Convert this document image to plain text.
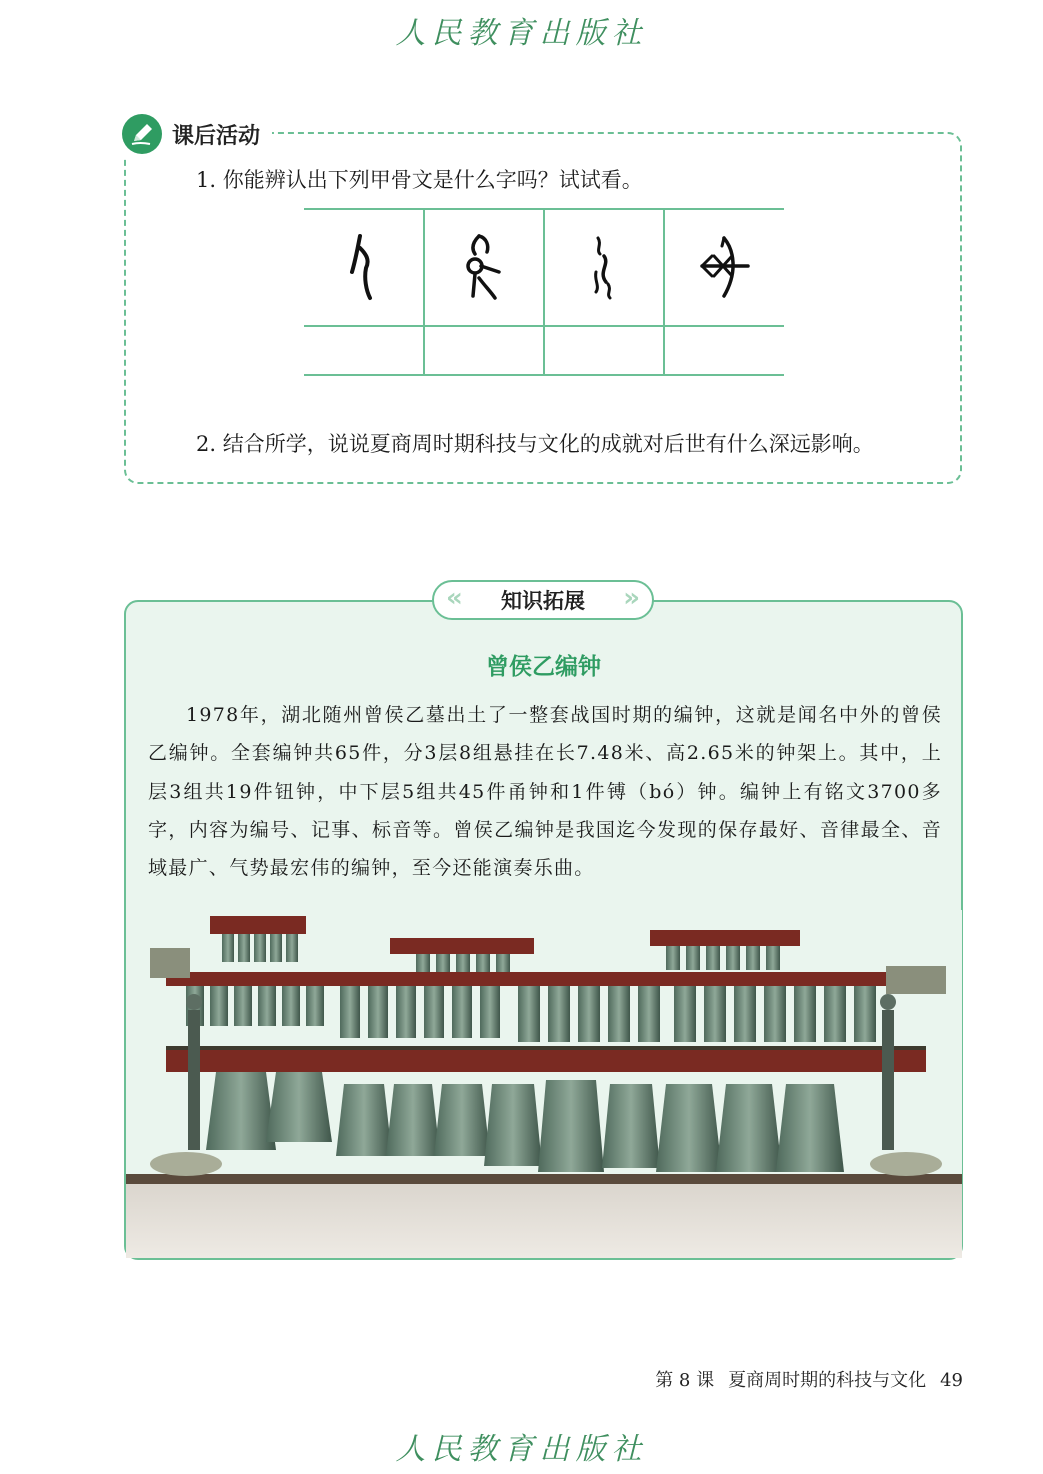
人民教育出版社
课后活动
1. 你能辨认出下列甲骨文是什么字吗？试试看。
2. 结合所学，说说夏商周时期科技与文化的成就对后世有什么深远影响。
« 知识拓展 »
曾侯乙编钟
1978年，湖北随州曾侯乙墓出土了一整套战国时期的编钟，这就是闻名中外的曾侯乙编钟。全套编钟共65件，分3层8组悬挂在长7.48米、高2.65米的钟架上。其中，上层3组共19件钮钟，中下层5组共45件甬钟和1件镈（bó）钟。编钟上有铭文3700多字，内容为编号、记事、标音等。曾侯乙编钟是我国迄今发现的保存最好、音律最全、音域最广、气势最宏伟的编钟，至今还能演奏乐曲。
第 8 课 夏商周时期的科技与文化 49
人民教育出版社
